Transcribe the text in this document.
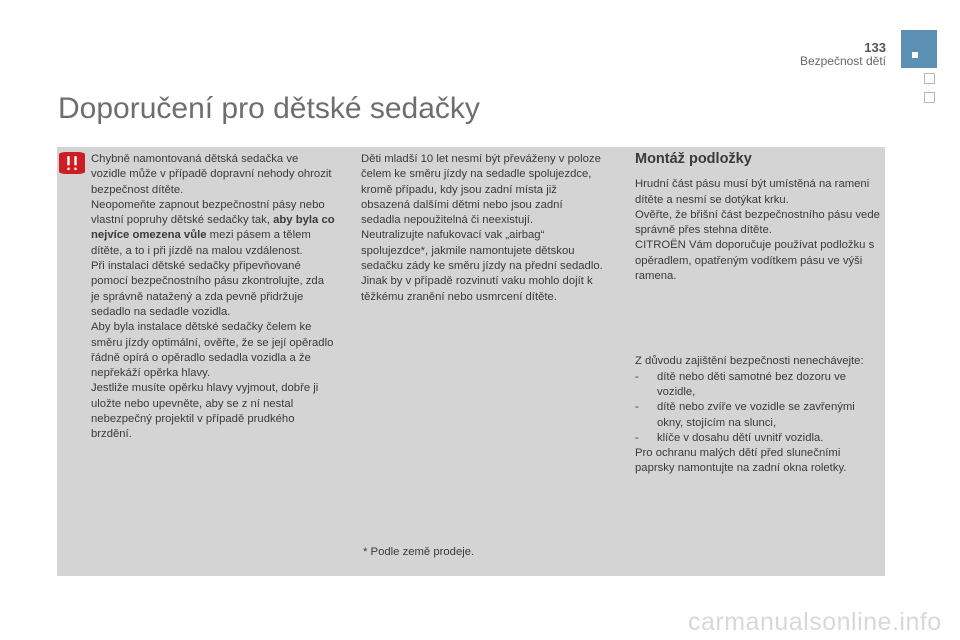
133
Bezpečnost dětí
Doporučení pro dětské sedačky

Chybně namontovaná dětská sedačka ve vozidle může v případě dopravní nehody ohrozit bezpečnost dítěte.

Neopomeňte zapnout bezpečnostní pásy nebo vlastní popruhy dětské sedačky tak, aby byla co nejvíce omezena vůle mezi pásem a tělem dítěte, a to i při jízdě na malou vzdálenost.

Při instalaci dětské sedačky připevňované pomocí bezpečnostního pásu zkontrolujte, zda je správně natažený a zda pevně přidržuje sedadlo na sedadle vozidla.

Aby byla instalace dětské sedačky čelem ke směru jízdy optimální, ověřte, že se její opěradlo řádně opírá o opěradlo sedadla vozidla a že nepřekáží opěrka hlavy.

Jestliže musíte opěrku hlavy vyjmout, dobře ji uložte nebo upevněte, aby se z ní nestal nebezpečný projektil v případě prudkého brzdění.

Děti mladší 10 let nesmí být převáženy v poloze čelem ke směru jízdy na sedadle spolujezdce, kromě případu, kdy jsou zadní místa již obsazená dalšími dětmi nebo jsou zadní sedadla nepoužitelná či neexistují.

Neutralizujte nafukovací vak „airbag“ spolujezdce*, jakmile namontujete dětskou sedačku zády ke směru jízdy na přední sedadlo.

Jinak by v případě rozvinutí vaku mohlo dojít k těžkému zranění nebo usmrcení dítěte.

Montáž podložky

Hrudní část pásu musí být umístěná na rameni dítěte a nesmí se dotýkat krku.

Ověřte, že břišní část bezpečnostního pásu vede správně přes stehna dítěte.

CITROËN Vám doporučuje používat podložku s opěradlem, opatřeným vodítkem pásu ve výši ramena.

Z důvodu zajištění bezpečnosti nenechávejte:

- dítě nebo děti samotné bez dozoru ve vozidle,
- dítě nebo zvíře ve vozidle se zavřenými okny, stojícím na slunci,
- klíče v dosahu dětí uvnitř vozidla.

Pro ochranu malých dětí před slunečními paprsky namontujte na zadní okna roletky.

* Podle země prodeje.
carmanualsonline.info
